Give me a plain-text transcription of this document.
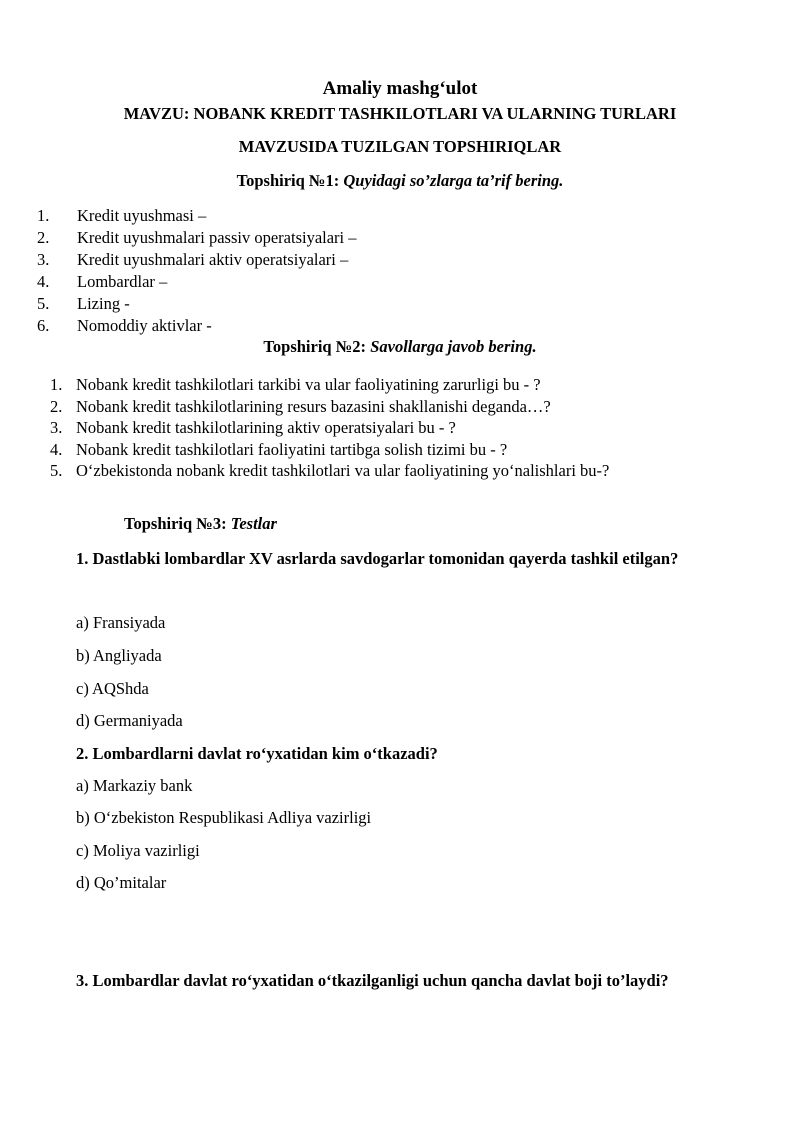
Amaliy mashg‘ulot
MAVZU: NOBANK KREDIT TASHKILOTLARI VA ULARNING TURLARI
MAVZUSIDA TUZILGAN TOPSHIRIQLAR
Topshiriq №1: Quyidagi so’zlarga ta’rif bering.
1.	Kredit uyushmasi –
2.	Kredit uyushmalari passiv operatsiyalari –
3.	Kredit uyushmalari aktiv operatsiyalari –
4.	Lombardlar –
5.	Lizing -
6.	Nomoddiy aktivlar -
Topshiriq №2: Savollarga javob bering.
1. Nobank kredit tashkilotlari tarkibi va ular faoliyatining zarurligi bu - ?
2. Nobank kredit tashkilotlarining resurs bazasini shakllanishi deganda…?
3. Nobank kredit tashkilotlarining aktiv operatsiyalari bu - ?
4. Nobank kredit tashkilotlari faoliyatini tartibga solish tizimi bu - ?
5. O‘zbekistonda nobank kredit tashkilotlari va ular faoliyatining yo‘nalishlari bu-?
Topshiriq №3: Testlar
1. Dastlabki lombardlar XV asrlarda savdogarlar tomonidan qayerda tashkil etilgan?
a) Fransiyada
b) Angliyada
c) AQShda
d) Germaniyada
2. Lombardlarni davlat ro‘yxatidan kim o‘tkazadi?
a) Markaziy bank
b) O‘zbekiston Respublikasi Adliya vazirligi
c) Moliya vazirligi
d) Qo’mitalar
3. Lombardlar davlat ro‘yxatidan o‘tkazilganligi uchun qancha davlat boji to’laydi?
